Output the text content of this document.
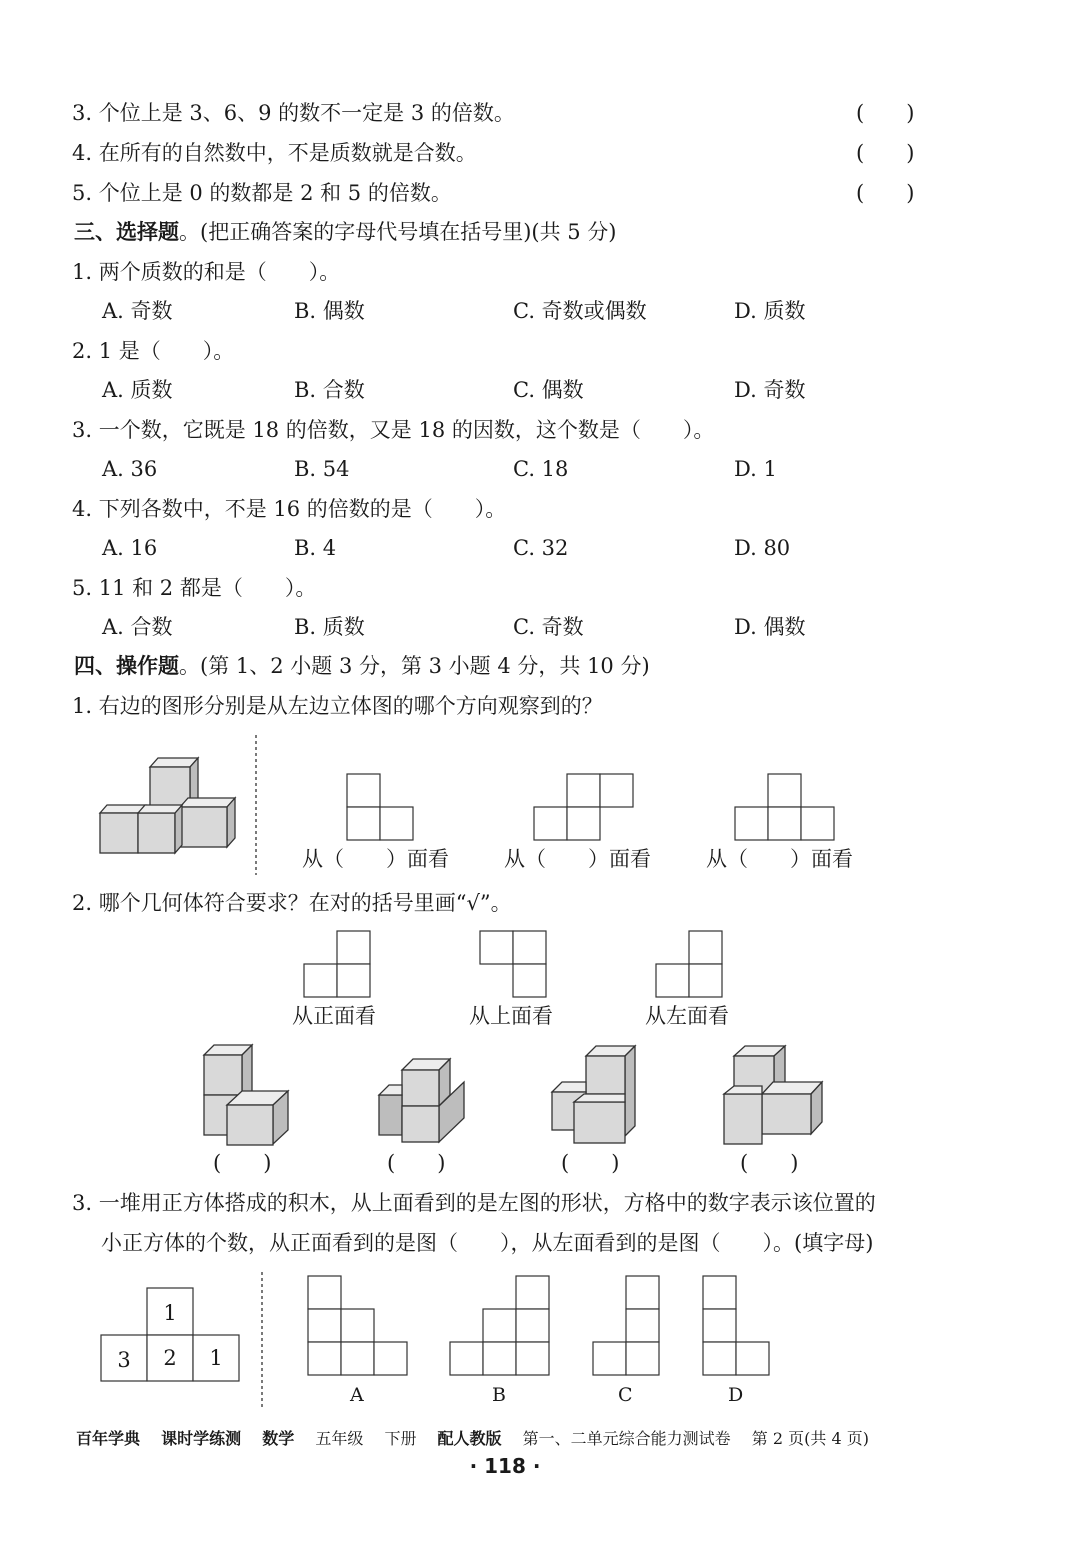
3. 个位上是 3、6、9 的数不一定是 3 的倍数。	(　　)
4. 在所有的自然数中，不是质数就是合数。	(　　)
5. 个位上是 0 的数都是 2 和 5 的倍数。	(　　)
三、选择题。(把正确答案的字母代号填在括号里)(共 5 分)
1. 两个质数的和是（　　）。
A. 奇数	B. 偶数	C. 奇数或偶数	D. 质数
2. 1 是（　　）。
A. 质数	B. 合数	C. 偶数	D. 奇数
3. 一个数，它既是 18 的倍数，又是 18 的因数，这个数是（　　）。
A. 36	B. 54	C. 18	D. 1
4. 下列各数中，不是 16 的倍数的是（　　）。
A. 16	B. 4	C. 32	D. 80
5. 11 和 2 都是（　　）。
A. 合数	B. 质数	C. 奇数	D. 偶数
四、操作题。(第 1、2 小题 3 分，第 3 小题 4 分，共 10 分)
1. 右边的图形分别是从左边立体图的哪个方向观察到的？
从（　　）面看	从（　　）面看	从（　　）面看
2. 哪个几何体符合要求？在对的括号里画“√”。
从正面看	从上面看	从左面看
(　　)	(　　)	(　　)	(　　)
3. 一堆用正方体搭成的积木，从上面看到的是左图的形状，方格中的数字表示该位置的
小正方体的个数，从正面看到的是图（　　），从左面看到的是图（　　）。(填字母)
1
3 2 1
A	B	C	D
百年学典 课时学练测 数学 五年级 下册 配人教版 第一、二单元综合能力测试卷 第 2 页(共 4 页)
· 118 ·
